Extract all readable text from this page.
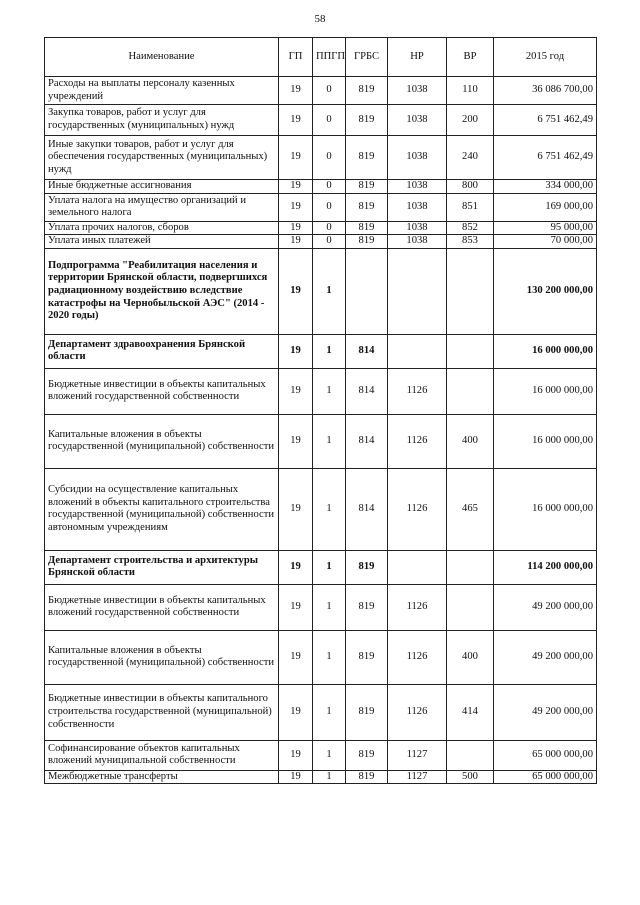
58
Наименование	ГП	ППГП	ГРБС	НР	ВР	2015 год
Расходы на выплаты персоналу казенных учреждений	19	0	819	1038	110	36 086 700,00
Закупка товаров, работ и услуг для государственных (муниципальных) нужд	19	0	819	1038	200	6 751 462,49
Иные закупки товаров, работ и услуг для обеспечения государственных (муниципальных) нужд	19	0	819	1038	240	6 751 462,49
Иные бюджетные ассигнования	19	0	819	1038	800	334 000,00
Уплата налога на имущество организаций и земельного налога	19	0	819	1038	851	169 000,00
Уплата прочих налогов, сборов	19	0	819	1038	852	95 000,00
Уплата иных платежей	19	0	819	1038	853	70 000,00
Подпрограмма "Реабилитация населения и территории Брянской области, подвергшихся радиационному воздействию вследствие катастрофы на Чернобыльской АЭС" (2014 - 2020 годы)	19	1				130 200 000,00
Департамент здравоохранения Брянской области	19	1	814			16 000 000,00
Бюджетные инвестиции в объекты капитальных вложений государственной собственности	19	1	814	1126		16 000 000,00
Капитальные вложения в объекты государственной (муниципальной) собственности	19	1	814	1126	400	16 000 000,00
Субсидии на осуществление капитальных вложений в объекты капитального строительства государственной (муниципальной) собственности автономным учреждениям	19	1	814	1126	465	16 000 000,00
Департамент строительства и архитектуры Брянской области	19	1	819			114 200 000,00
Бюджетные инвестиции в объекты капитальных вложений государственной собственности	19	1	819	1126		49 200 000,00
Капитальные вложения в объекты государственной (муниципальной) собственности	19	1	819	1126	400	49 200 000,00
Бюджетные инвестиции в объекты капитального строительства государственной (муниципальной) собственности	19	1	819	1126	414	49 200 000,00
Софинансирование объектов капитальных вложений муниципальной собственности	19	1	819	1127		65 000 000,00
Межбюджетные трансферты	19	1	819	1127	500	65 000 000,00
